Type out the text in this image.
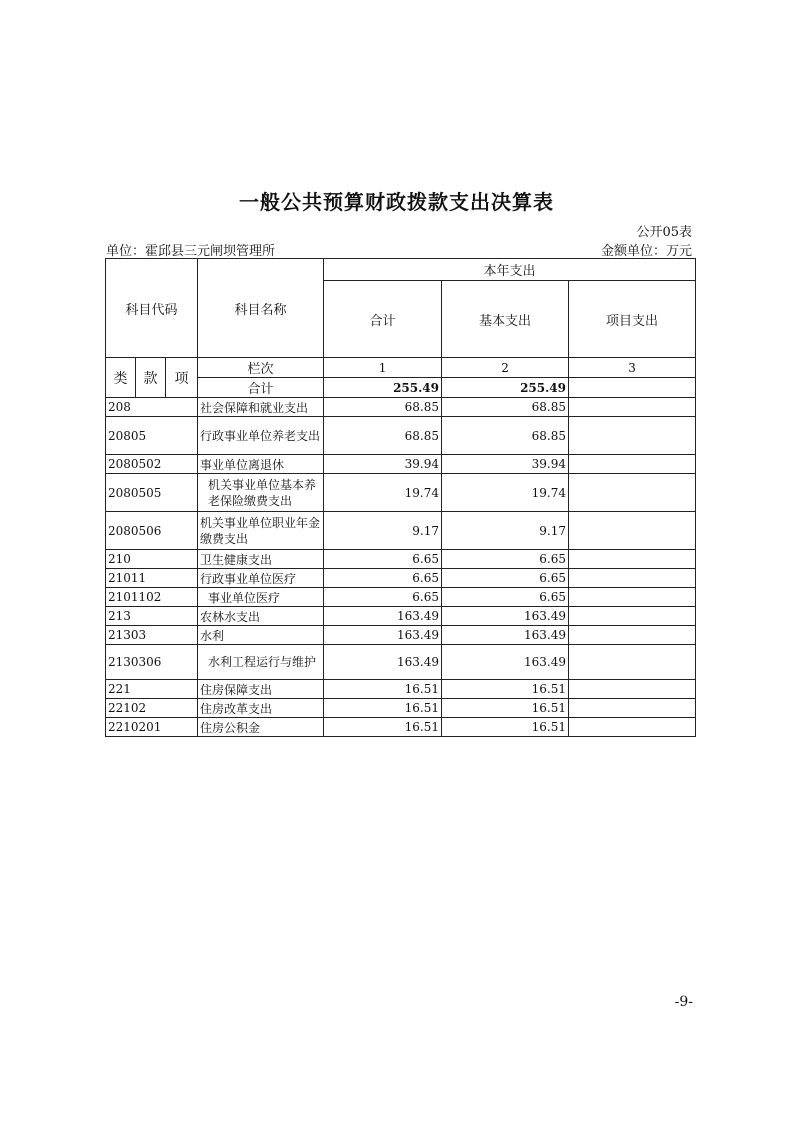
一般公共预算财政拨款支出决算表
公开05表
单位：霍邱县三元闸坝管理所	金额单位：万元
科目代码			科目名称	本年支出		
				合计	基本支出	项目支出
类	款	项	栏次	1	2	3
			合计	255.49	255.49	
208			社会保障和就业支出	68.85	68.85	
20805			行政事业单位养老支出	68.85	68.85	
2080502			事业单位离退休	39.94	39.94	
2080505			机关事业单位基本养老保险缴费支出	19.74	19.74	
2080506			机关事业单位职业年金缴费支出	9.17	9.17	
210			卫生健康支出	6.65	6.65	
21011			行政事业单位医疗	6.65	6.65	
2101102			事业单位医疗	6.65	6.65	
213			农林水支出	163.49	163.49	
21303			水利	163.49	163.49	
2130306			水利工程运行与维护	163.49	163.49	
221			住房保障支出	16.51	16.51	
22102			住房改革支出	16.51	16.51	
2210201			住房公积金	16.51	16.51	
-9-
